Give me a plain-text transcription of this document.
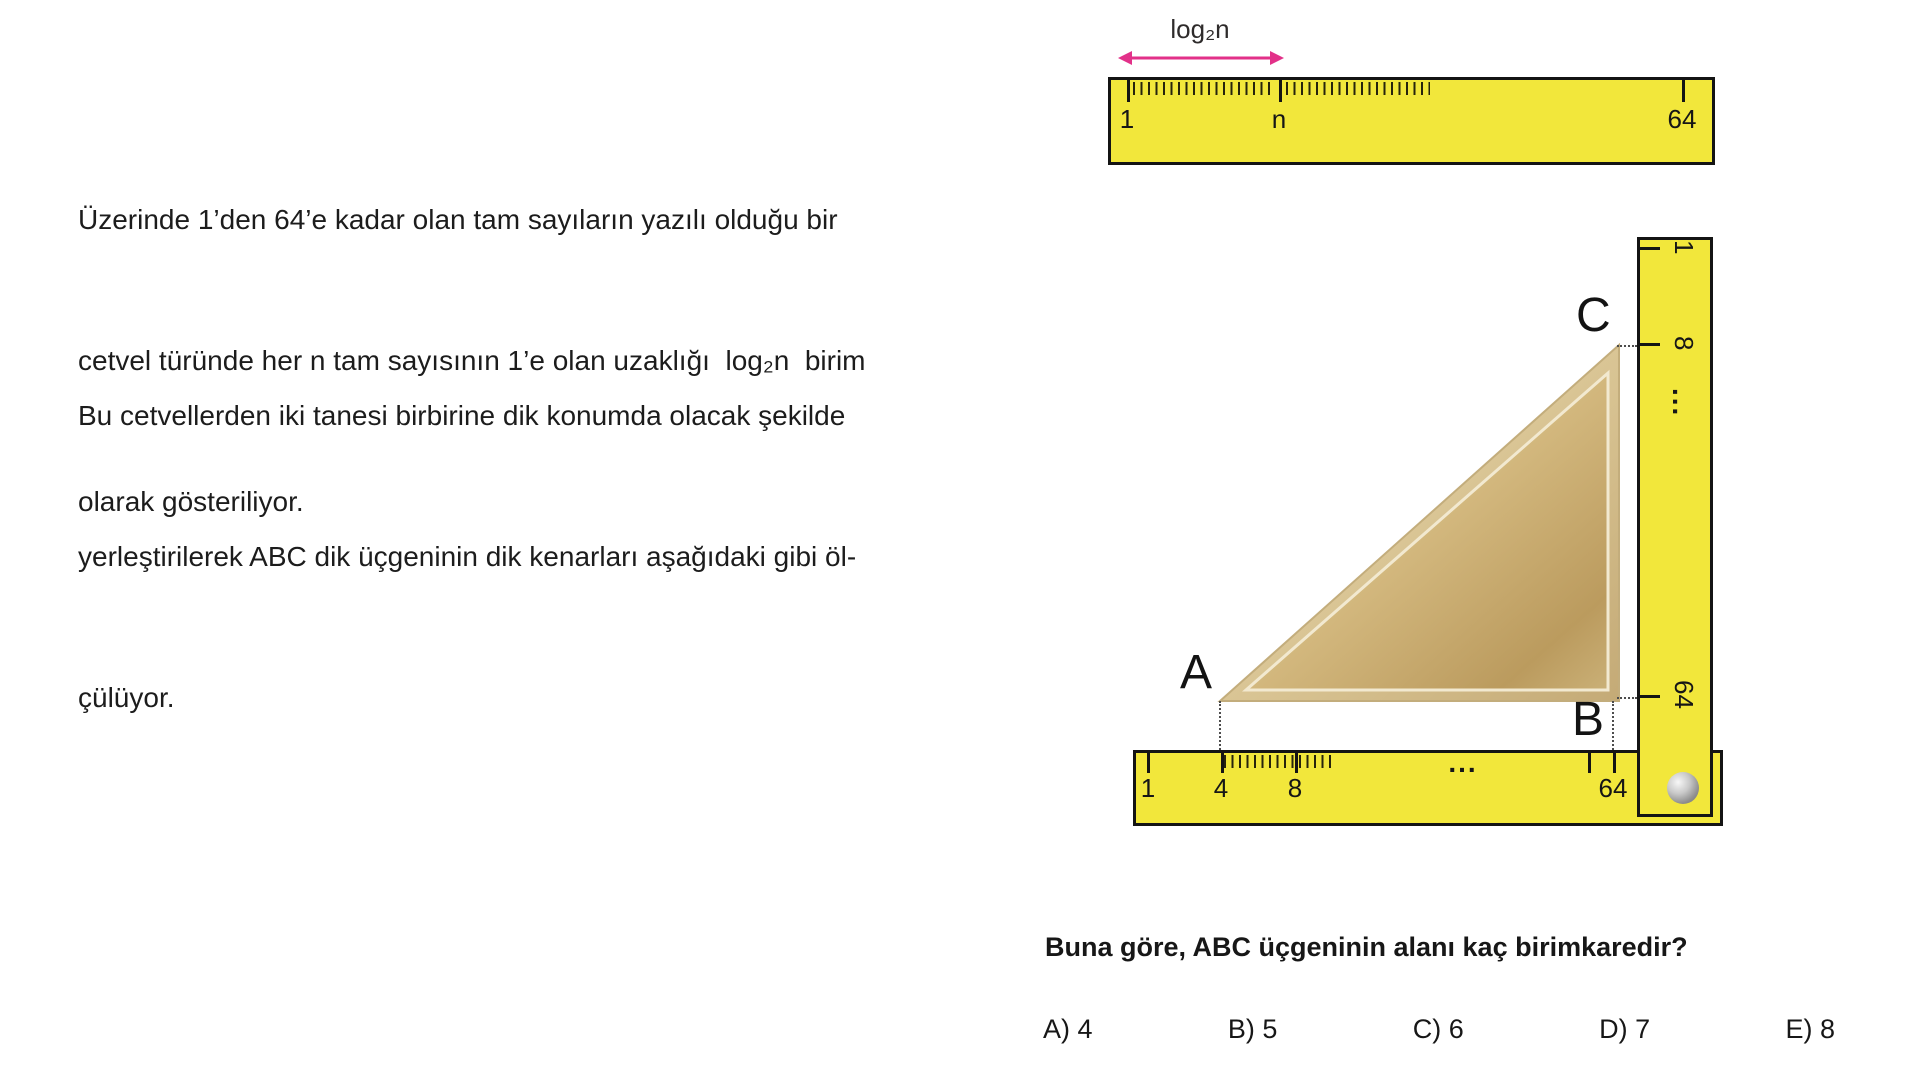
Üzerinde 1’den 64’e kadar olan tam sayıların yazılı olduğu bir

cetvel türünde her n tam sayısının 1’e olan uzaklığı  log₂n  birim

olarak gösteriliyor.

Bu cetvellerden iki tanesi birbirine dik konumda olacak şekilde

yerleştirilerek ABC dik üçgeninin dik kenarları aşağıdaki gibi öl-

çülüyor.

log₂n
1	n	64
1 4 8
...
64
1
8
...
64
A
B
C
Buna göre, ABC üçgeninin alanı kaç birimkaredir?
A) 4	B) 5	C) 6	D) 7	E) 8
